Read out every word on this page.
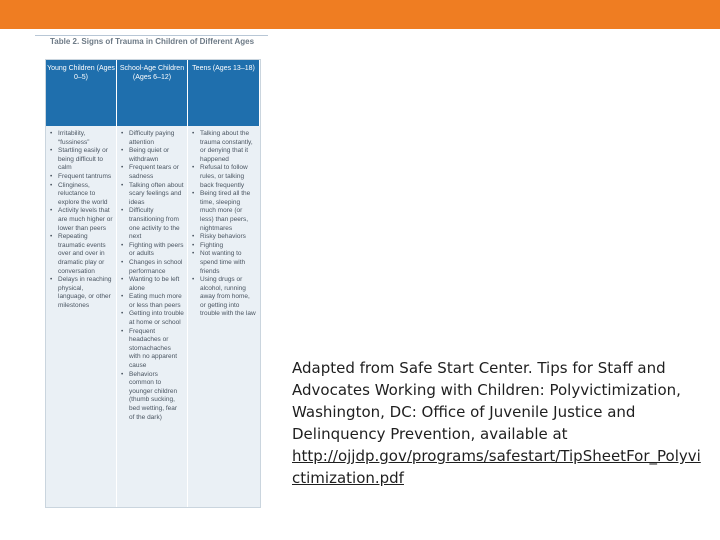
Table 2. Signs of Trauma in Children of Different Ages
Young Children (Ages 0–5)
School-Age Children (Ages 6–12)
Teens (Ages 13–18)
• Irritability, “fussiness”
• Startling easily or being difficult to calm
• Frequent tantrums
• Clinginess, reluctance to explore the world
• Activity levels that are much higher or lower than peers
• Repeating traumatic events over and over in dramatic play or conversation
• Delays in reaching physical, language, or other milestones
• Difficulty paying attention
• Being quiet or withdrawn
• Frequent tears or sadness
• Talking often about scary feelings and ideas
• Difficulty transitioning from one activity to the next
• Fighting with peers or adults
• Changes in school performance
• Wanting to be left alone
• Eating much more or less than peers
• Getting into trouble at home or school
• Frequent headaches or stomachaches with no apparent cause
• Behaviors common to younger children (thumb sucking, bed wetting, fear of the dark)
• Talking about the trauma constantly, or denying that it happened
• Refusal to follow rules, or talking back frequently
• Being tired all the time, sleeping much more (or less) than peers, nightmares
• Risky behaviors
• Fighting
• Not wanting to spend time with friends
• Using drugs or alcohol, running away from home, or getting into trouble with the law
Adapted from Safe Start Center. Tips for Staff and Advocates Working with Children: Polyvictimization, Washington, DC: Office of Juvenile Justice and Delinquency Prevention, available at
http://ojjdp.gov/programs/safestart/TipSheetFor_Polyvictimization.pdf
